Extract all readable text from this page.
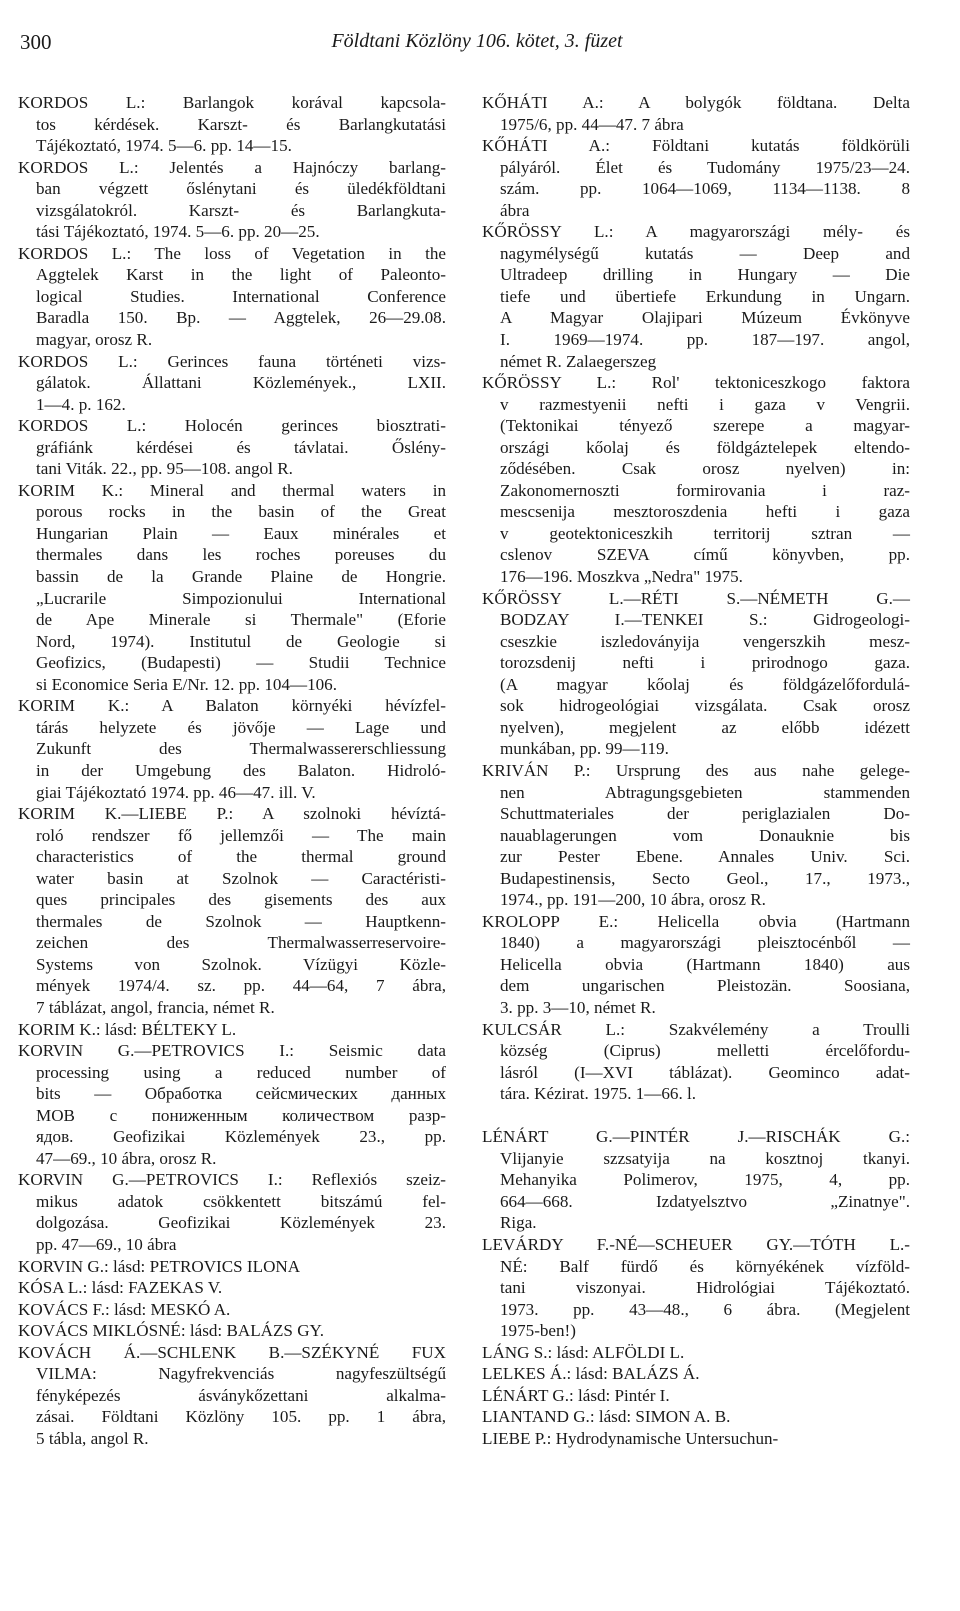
300	Földtani Közlöny 106. kötet, 3. füzet
KORDOS L.: Barlangok korával kapcsola-
tos kérdések. Karszt- és Barlangkutatási
Tájékoztató, 1974. 5—6. pp. 14—15.
KORDOS L.: Jelentés a Hajnóczy barlang-
ban végzett őslénytani és üledékföldtani
vizsgálatokról. Karszt- és Barlangkuta-
tási Tájékoztató, 1974. 5—6. pp. 20—25.
KORDOS L.: The loss of Vegetation in the
Aggtelek Karst in the light of Paleonto-
logical Studies. International Conference
Baradla 150. Bp. — Aggtelek, 26—29.08.
magyar, orosz R.
KORDOS L.: Gerinces fauna történeti vizs-
gálatok. Állattani Közlemények., LXII.
1—4. p. 162.
KORDOS L.: Holocén gerinces biosztrati-
gráfiánk kérdései és távlatai. Őslény-
tani Viták. 22., pp. 95—108. angol R.
KORIM K.: Mineral and thermal waters in
porous rocks in the basin of the Great
Hungarian Plain — Eaux minérales et
thermales dans les roches poreuses du
bassin de la Grande Plaine de Hongrie.
„Lucrarile Simpozionului International
de Ape Minerale si Thermale" (Eforie
Nord, 1974). Institutul de Geologie si
Geofizics, (Budapesti) — Studii Technice
si Economice Seria E/Nr. 12. pp. 104—106.
KORIM K.: A Balaton környéki hévízfel-
tárás helyzete és jövője — Lage und
Zukunft des Thermalwassererschliessung
in der Umgebung des Balaton. Hidroló-
giai Tájékoztató 1974. pp. 46—47. ill. V.
KORIM K.—LIEBE P.: A szolnoki hévíztá-
roló rendszer fő jellemzői — The main
characteristics of the thermal ground
water basin at Szolnok — Caractéristi-
ques principales des gisements des aux
thermales de Szolnok — Hauptkenn-
zeichen des Thermalwasserreservoire-
Systems von Szolnok. Vízügyi Közle-
mények 1974/4. sz. pp. 44—64, 7 ábra,
7 táblázat, angol, francia, német R.
KORIM K.: lásd: BÉLTEKY L.
KORVIN G.—PETROVICS I.: Seismic data
processing using a reduced number of
bits — Обработка сейсмических данных
МОВ с пониженным количеством разр-
ядов. Geofizikai Közlemények 23., pp.
47—69., 10 ábra, orosz R.
KORVIN G.—PETROVICS I.: Reflexiós szeiz-
mikus adatok csökkentett bitszámú fel-
dolgozása. Geofizikai Közlemények 23.
pp. 47—69., 10 ábra
KORVIN G.: lásd: PETROVICS ILONA
KÓSA L.: lásd: FAZEKAS V.
KOVÁCS F.: lásd: MESKÓ A.
KOVÁCS MIKLÓSNÉ: lásd: BALÁZS GY.
KOVÁCH Á.—SCHLENK B.—SZÉKYNÉ FUX
VILMA: Nagyfrekvenciás nagyfeszültségű
fényképezés ásványkőzettani alkalma-
zásai. Földtani Közlöny 105. pp. 1 ábra,
5 tábla, angol R.
KŐHÁTI A.: A bolygók földtana. Delta
1975/6, pp. 44—47. 7 ábra
KŐHÁTI A.: Földtani kutatás földkörüli
pályáról. Élet és Tudomány 1975/23—24.
szám. pp. 1064—1069, 1134—1138. 8
ábra
KŐRÖSSY L.: A magyarországi mély- és
nagymélységű kutatás — Deep and
Ultradeep drilling in Hungary — Die
tiefe und übertiefe Erkundung in Ungarn.
A Magyar Olajipari Múzeum Évkönyve
I. 1969—1974. pp. 187—197. angol,
német R. Zalaegerszeg
KŐRÖSSY L.: Rol' tektoniceszkogo faktora
v razmestyenii nefti i gaza v Vengrii.
(Tektonikai tényező szerepe a magyar-
országi kőolaj és földgáztelepek eltendo-
ződésében. Csak orosz nyelven) in:
Zakonomernoszti formirovania i raz-
mescsenija mesztoroszdenia hefti i gaza
v geotektoniceszkih territorij sztran —
cslenov SZEVA című könyvben, pp.
176—196. Moszkva „Nedra" 1975.
KŐRÖSSY L.—RÉTI S.—NÉMETH G.—
BODZAY I.—TENKEI S.: Gidrogeologi-
cseszkie iszledoványija vengerszkih mesz-
torozsdenij nefti i prirodnogo gaza.
(A magyar kőolaj és földgázelőfordulá-
sok hidrogeológiai vizsgálata. Csak orosz
nyelven), megjelent az előbb idézett
munkában, pp. 99—119.
KRIVÁN P.: Ursprung des aus nahe gelege-
nen Abtragungsgebieten stammenden
Schuttmateriales der periglazialen Do-
nauablagerungen vom Donauknie bis
zur Pester Ebene. Annales Univ. Sci.
Budapestinensis, Secto Geol., 17., 1973.,
1974., pp. 191—200, 10 ábra, orosz R.
KROLOPP E.: Helicella obvia (Hartmann
1840) a magyarországi pleisztocénből —
Helicella obvia (Hartmann 1840) aus
dem ungarischen Pleistozän. Soosiana,
3. pp. 3—10, német R.
KULCSÁR L.: Szakvélemény a Troulli
község (Ciprus) melletti ércelőfordu-
lásról (I—XVI táblázat). Geominco adat-
tára. Kézirat. 1975. 1—66. l.
LÉNÁRT G.—PINTÉR J.—RISCHÁK G.:
Vlijanyie szzsatyija na kosztnoj tkanyi.
Mehanyika Polimerov, 1975, 4, pp.
664—668. Izdatyelsztvo „Zinatnye".
Riga.
LEVÁRDY F.-NÉ—SCHEUER GY.—TÓTH L.-
NÉ: Balf fürdő és környékének vízföld-
tani viszonyai. Hidrológiai Tájékoztató.
1973. pp. 43—48., 6 ábra. (Megjelent
1975-ben!)
LÁNG S.: lásd: ALFÖLDI L.
LELKES Á.: lásd: BALÁZS Á.
LÉNÁRT G.: lásd: Pintér I.
LIANTAND G.: lásd: SIMON A. B.
LIEBE P.: Hydrodynamische Untersuchun-
